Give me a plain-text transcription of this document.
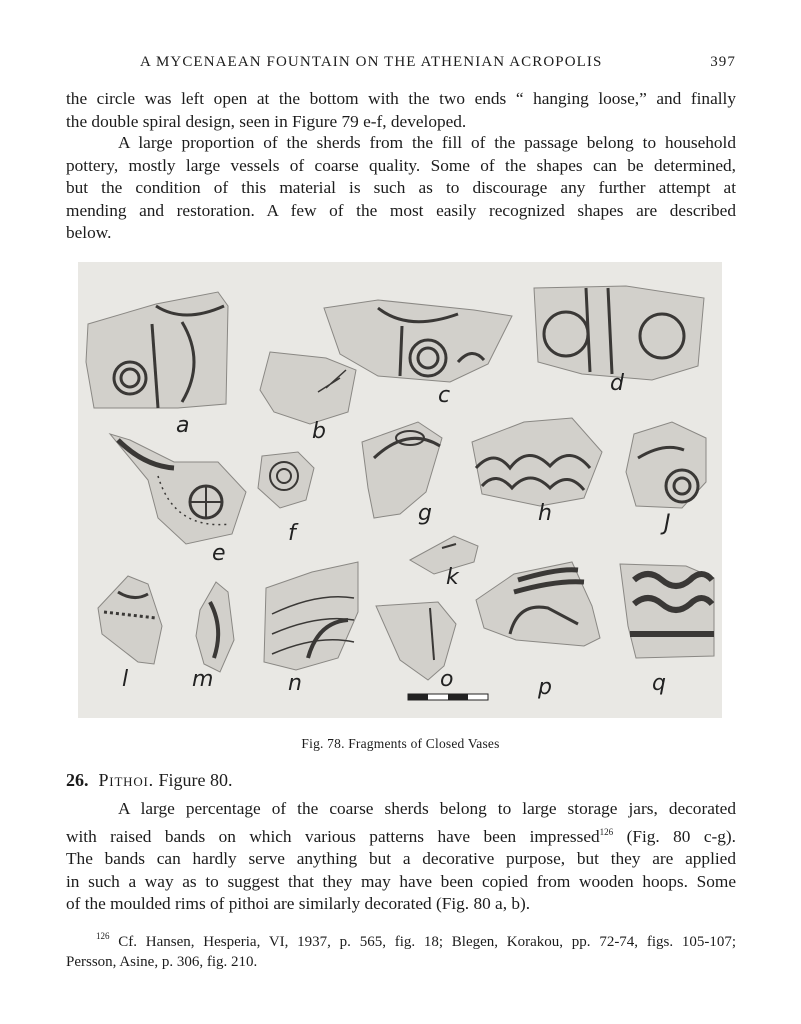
A MYCENAEAN FOUNTAIN ON THE ATHENIAN ACROPOLIS	397

the circle was left open at the bottom with the two ends “ hanging loose,” and finally
the double spiral design, seen in Figure 79 e-f, developed.

A large proportion of the sherds from the fill of the passage belong to household
pottery, mostly large vessels of coarse quality. Some of the shapes can be determined,
but the condition of this material is such as to discourage any further attempt at
mending and restoration. A few of the most easily recognized shapes are described
below.

a	b
c	d
e
f
g	h	J
k
l	m	n	o	p	q
Fig. 78. Fragments of Closed Vases
26. Pithoi. Figure 80.

A large percentage of the coarse sherds belong to large storage jars, decorated
with raised bands on which various patterns have been impressed$^{126}$ (Fig. 80 c-g).
The bands can hardly serve anything but a decorative purpose, but they are applied
in such a way as to suggest that they may have been copied from wooden hoops. Some
of the moulded rims of pithoi are similarly decorated (Fig. 80 a, b).

$^{126}$ Cf. Hansen, Hesperia, VI, 1937, p. 565, fig. 18; Blegen, Korakou, pp. 72-74, figs. 105-107;
Persson, Asine, p. 306, fig. 210.
